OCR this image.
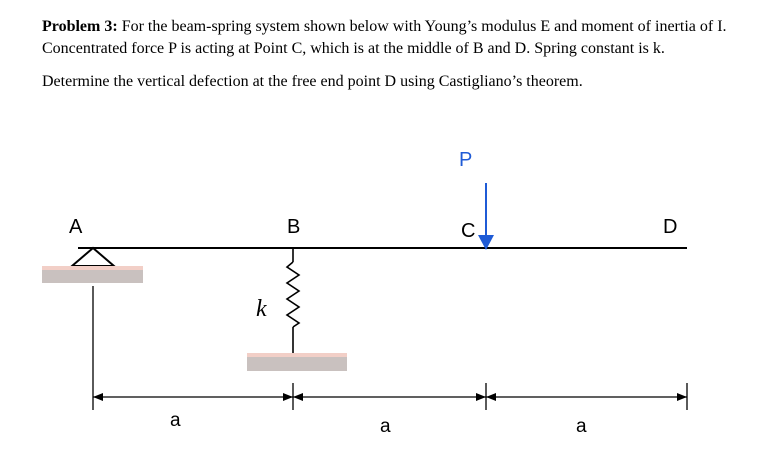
Problem 3: For the beam-spring system shown below with Young’s modulus E and moment of inertia of I. Concentrated force P is acting at Point C, which is at the middle of B and D. Spring constant is k.

Determine the vertical defection at the free end point D using Castigliano’s theorem.

A	B	C	D
P
k
a	a	a
